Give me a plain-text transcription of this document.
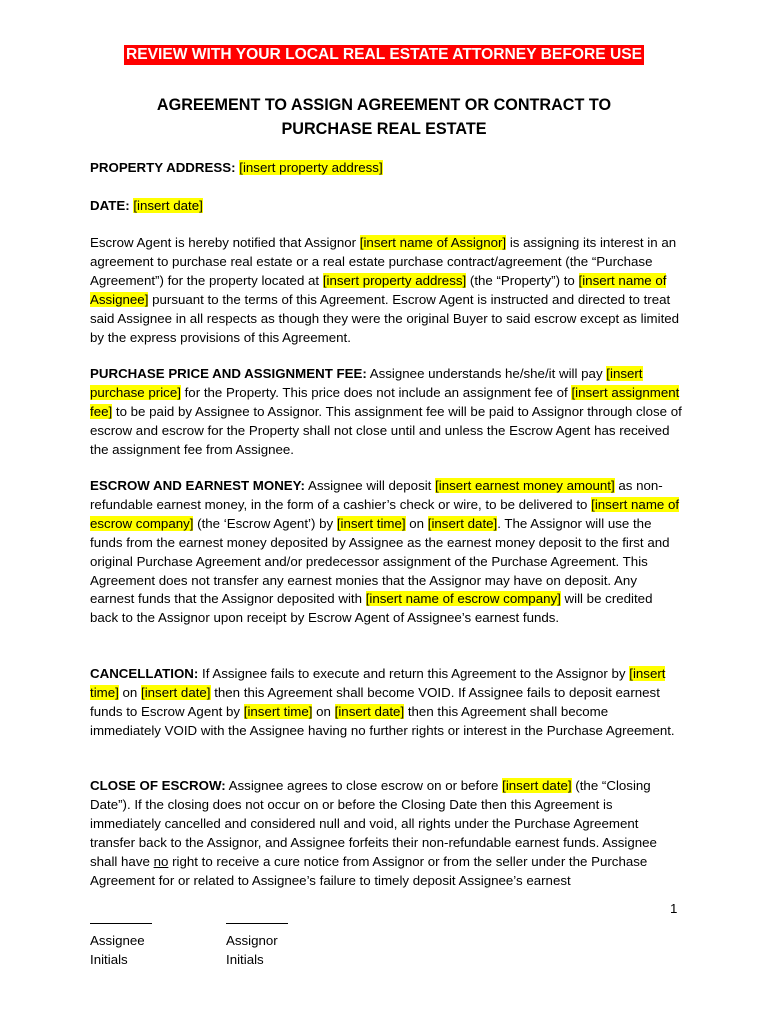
REVIEW WITH YOUR LOCAL REAL ESTATE ATTORNEY BEFORE USE
AGREEMENT TO ASSIGN AGREEMENT OR CONTRACT TO
PURCHASE REAL ESTATE

PROPERTY ADDRESS: [insert property address]

DATE: [insert date]

Escrow Agent is hereby notified that Assignor [insert name of Assignor] is assigning its interest in an agreement to purchase real estate or a real estate purchase contract/agreement (the “Purchase Agreement”) for the property located at [insert property address] (the “Property”) to [insert name of Assignee] pursuant to the terms of this Agreement. Escrow Agent is instructed and directed to treat said Assignee in all respects as though they were the original Buyer to said escrow except as limited by the express provisions of this Agreement.

PURCHASE PRICE AND ASSIGNMENT FEE: Assignee understands he/she/it will pay [insert purchase price] for the Property. This price does not include an assignment fee of [insert assignment fee] to be paid by Assignee to Assignor. This assignment fee will be paid to Assignor through close of escrow and escrow for the Property shall not close until and unless the Escrow Agent has received the assignment fee from Assignee.

ESCROW AND EARNEST MONEY: Assignee will deposit [insert earnest money amount] as non-refundable earnest money, in the form of a cashier’s check or wire, to be delivered to [insert name of escrow company] (the ‘Escrow Agent’) by [insert time] on [insert date]. The Assignor will use the funds from the earnest money deposited by Assignee as the earnest money deposit to the first and original Purchase Agreement and/or predecessor assignment of the Purchase Agreement. This Agreement does not transfer any earnest monies that the Assignor may have on deposit. Any earnest funds that the Assignor deposited with [insert name of escrow company] will be credited back to the Assignor upon receipt by Escrow Agent of Assignee’s earnest funds.

CANCELLATION: If Assignee fails to execute and return this Agreement to the Assignor by [insert time] on [insert date] then this Agreement shall become VOID. If Assignee fails to deposit earnest funds to Escrow Agent by [insert time] on [insert date] then this Agreement shall become immediately VOID with the Assignee having no further rights or interest in the Purchase Agreement.

CLOSE OF ESCROW: Assignee agrees to close escrow on or before [insert date] (the “Closing Date”). If the closing does not occur on or before the Closing Date then this Agreement is immediately cancelled and considered null and void, all rights under the Purchase Agreement transfer back to the Assignor, and Assignee forfeits their non-refundable earnest funds. Assignee shall have no right to receive a cure notice from Assignor or from the seller under the Purchase Agreement for or related to Assignee’s failure to timely deposit Assignee’s earnest

1
Assignee
Initials
Assignor
Initials
